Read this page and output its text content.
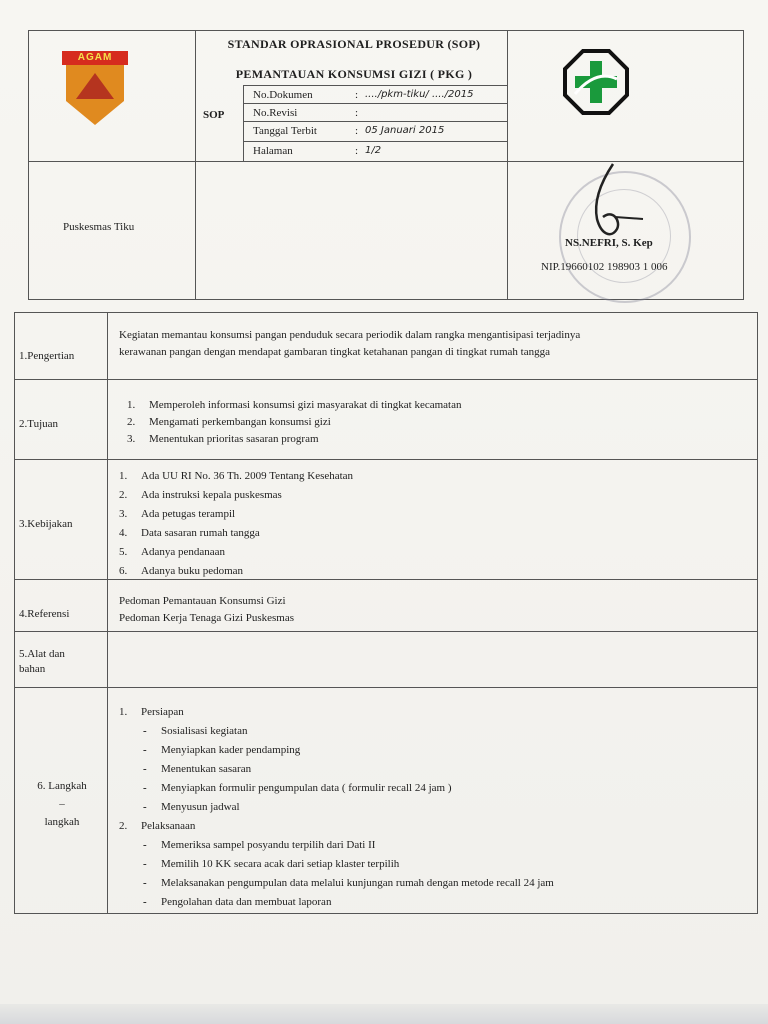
AGAM
STANDAR OPRASIONAL PROSEDUR (SOP)
PEMANTAUAN KONSUMSI GIZI ( PKG )
SOP
No.Dokumen	: ..../pkm-tiku/ ..../2015
No.Revisi	:
Tanggal Terbit	: 05 Januari 2015
Halaman	: 1/2
Puskesmas Tiku
NS.NEFRI, S. Kep
NIP.19660102 198903 1 006
1.Pengertian
Kegiatan memantau konsumsi pangan penduduk secara periodik dalam rangka mengantisipasi terjadinya
kerawanan pangan dengan mendapat gambaran tingkat ketahanan pangan di tingkat rumah tangga
2.Tujuan
1. Memperoleh informasi konsumsi gizi masyarakat di tingkat kecamatan
2. Mengamati perkembangan konsumsi gizi
3. Menentukan prioritas sasaran program
3.Kebijakan
1. Ada UU RI No. 36 Th. 2009 Tentang Kesehatan
2. Ada instruksi kepala puskesmas
3. Ada petugas terampil
4. Data sasaran rumah tangga
5. Adanya pendanaan
6. Adanya buku pedoman
4.Referensi
Pedoman Pemantauan Konsumsi Gizi
Pedoman Kerja Tenaga Gizi Puskesmas
5.Alat dan
bahan
6. Langkah
–
langkah
1. Persiapan
- Sosialisasi kegiatan
- Menyiapkan kader pendamping
- Menentukan sasaran
- Menyiapkan formulir pengumpulan data ( formulir recall 24 jam )
- Menyusun jadwal
2. Pelaksanaan
- Memeriksa sampel posyandu terpilih dari Dati II
- Memilih 10 KK secara acak dari setiap klaster terpilih
- Melaksanakan pengumpulan data melalui kunjungan rumah dengan metode recall 24 jam
- Pengolahan data dan membuat laporan
